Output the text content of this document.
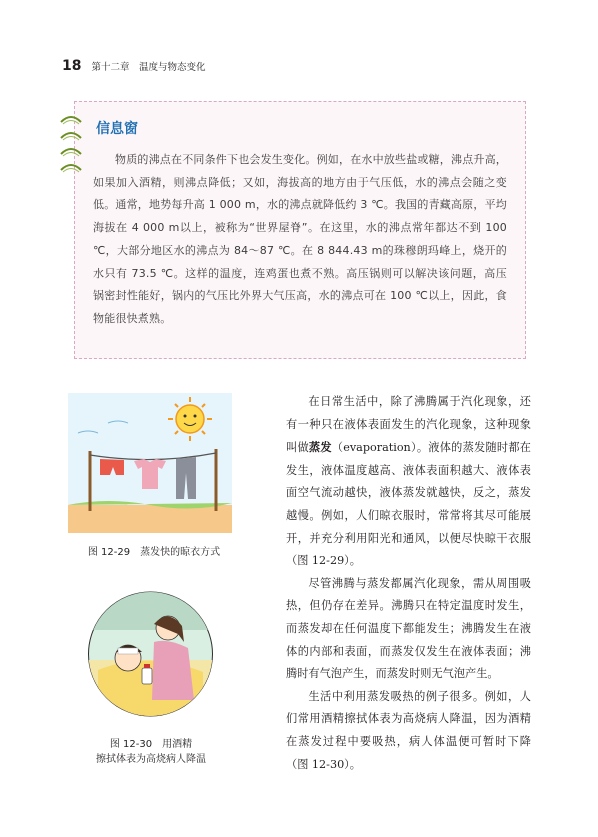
18 第十二章　温度与物态变化
信息窗

物质的沸点在不同条件下也会发生变化。例如，在水中放些盐或糖，沸点升高，如果加入酒精，则沸点降低；又如，海拔高的地方由于气压低，水的沸点会随之变低。通常，地势每升高 1 000 m，水的沸点就降低约 3 ℃。我国的青藏高原，平均海拔在 4 000 m以上，被称为“世界屋脊”。在这里，水的沸点常年都达不到 100 ℃，大部分地区水的沸点为 84～87 ℃。在 8 844.43 m的珠穆朗玛峰上，烧开的水只有 73.5 ℃。这样的温度，连鸡蛋也煮不熟。高压锅则可以解决该问题，高压锅密封性能好，锅内的气压比外界大气压高，水的沸点可在 100 ℃以上，因此，食物能很快煮熟。

图 12-29　蒸发快的晾衣方式
图 12-30　用酒精
擦拭体表为高烧病人降温

在日常生活中，除了沸腾属于汽化现象，还有一种只在液体表面发生的汽化现象，这种现象叫做蒸发（evaporation）。液体的蒸发随时都在发生，液体温度越高、液体表面积越大、液体表面空气流动越快，液体蒸发就越快，反之，蒸发越慢。例如，人们晾衣服时，常常将其尽可能展开，并充分利用阳光和通风，以便尽快晾干衣服（图 12-29）。

尽管沸腾与蒸发都属汽化现象，需从周围吸热，但仍存在差异。沸腾只在特定温度时发生，而蒸发却在任何温度下都能发生；沸腾发生在液体的内部和表面，而蒸发仅发生在液体表面；沸腾时有气泡产生，而蒸发时则无气泡产生。

生活中利用蒸发吸热的例子很多。例如，人们常用酒精擦拭体表为高烧病人降温，因为酒精在蒸发过程中要吸热，病人体温便可暂时下降（图 12-30）。
